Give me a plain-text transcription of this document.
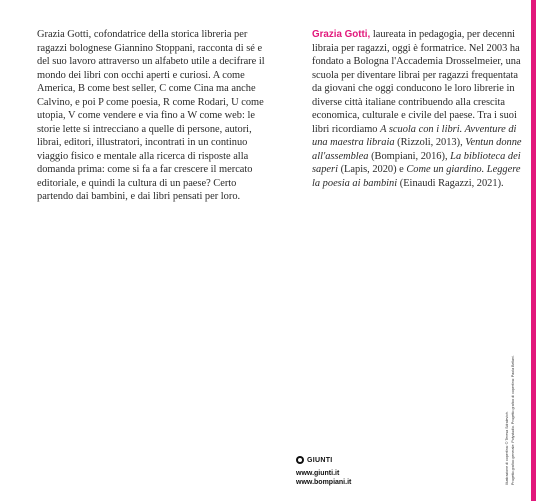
Grazia Gotti, cofondatrice della storica libreria per ragazzi bolognese Giannino Stoppani, racconta di sé e del suo lavoro attraverso un alfabeto utile a decifrare il mondo dei libri con occhi aperti e curiosi. A come America, B come best seller, C come Cina ma anche Calvino, e poi P come poesia, R come Rodari, U come utopia, V come vendere e via fino a W come web: le storie lette si intrecciano a quelle di persone, autori, librai, editori, illustratori, incontrati in un continuo viaggio fisico e mentale alla ricerca di risposte alla domanda prima: come si fa a far crescere il mercato editoriale, e quindi la cultura di un paese? Certo partendo dai bambini, e dai libri pensati per loro.

Grazia Gotti, laureata in pedagogia, per decenni libraia per ragazzi, oggi è formatrice. Nel 2003 ha fondato a Bologna l'Accademia Drosselmeier, una scuola per diventare librai per ragazzi frequentata da giovani che oggi conducono le loro librerie in diverse città italiane contribuendo alla crescita economica, culturale e civile del paese. Tra i suoi libri ricordiamo A scuola con i libri. Avventure di una maestra libraia (Rizzoli, 2013), Ventun donne all'assemblea (Bompiani, 2016), La biblioteca dei saperi (Lapis, 2020) e Come un giardino. Leggere la poesia ai bambini (Einaudi Ragazzi, 2021).

Illustrazione di copertina: © Teresa Sdralevich. Progetto grafico generale: Polystudio. Progetto grafico di copertina: Paola Bellani.
GIUNTI
www.giunti.it
www.bompiani.it
